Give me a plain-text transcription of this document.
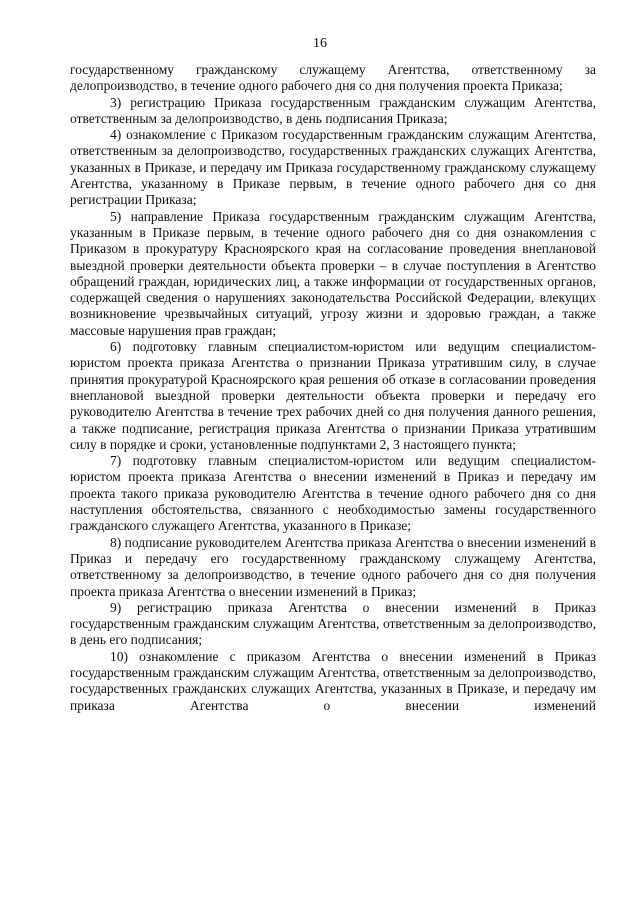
16

государственному гражданскому служащему Агентства, ответственному за делопроизводство, в течение одного рабочего дня со дня получения проекта Приказа;

3) регистрацию Приказа государственным гражданским служащим Агентства, ответственным за делопроизводство, в день подписания Приказа;

4) ознакомление с Приказом государственным гражданским служащим Агентства, ответственным за делопроизводство, государственных гражданских служащих Агентства, указанных в Приказе, и передачу им Приказа государственному гражданскому служащему Агентства, указанному в Приказе первым, в течение одного рабочего дня со дня регистрации Приказа;

5) направление Приказа государственным гражданским служащим Агентства, указанным в Приказе первым, в течение одного рабочего дня со дня ознакомления с Приказом в прокуратуру Красноярского края на согласование проведения внеплановой выездной проверки деятельности объекта проверки – в случае поступления в Агентство обращений граждан, юридических лиц, а также информации от государственных органов, содержащей сведения о нарушениях законодательства Российской Федерации, влекущих возникновение чрезвычайных ситуаций, угрозу жизни и здоровью граждан, а также массовые нарушения прав граждан;

6) подготовку главным специалистом-юристом или ведущим специалистом-юристом проекта приказа Агентства о признании Приказа утратившим силу, в случае принятия прокуратурой Красноярского края решения об отказе в согласовании проведения внеплановой выездной проверки деятельности объекта проверки и передачу его руководителю Агентства в течение трех рабочих дней со дня получения данного решения, а также подписание, регистрация приказа Агентства о признании Приказа утратившим силу в порядке и сроки, установленные подпунктами 2, 3 настоящего пункта;

7) подготовку главным специалистом-юристом или ведущим специалистом-юристом проекта приказа Агентства о внесении изменений в Приказ и передачу им проекта такого приказа руководителю Агентства в течение одного рабочего дня со дня наступления обстоятельства, связанного с необходимостью замены государственного гражданского служащего Агентства, указанного в Приказе;

8) подписание руководителем Агентства приказа Агентства о внесении изменений в Приказ и передачу его государственному гражданскому служащему Агентства, ответственному за делопроизводство, в течение одного рабочего дня со дня получения проекта приказа Агентства о внесении изменений в Приказ;

9) регистрацию приказа Агентства о внесении изменений в Приказ государственным гражданским служащим Агентства, ответственным за делопроизводство, в день его подписания;

10) ознакомление с приказом Агентства о внесении изменений в Приказ государственным гражданским служащим Агентства, ответственным за делопроизводство, государственных гражданских служащих Агентства, указанных в Приказе, и передачу им приказа Агентства о внесении изменений
